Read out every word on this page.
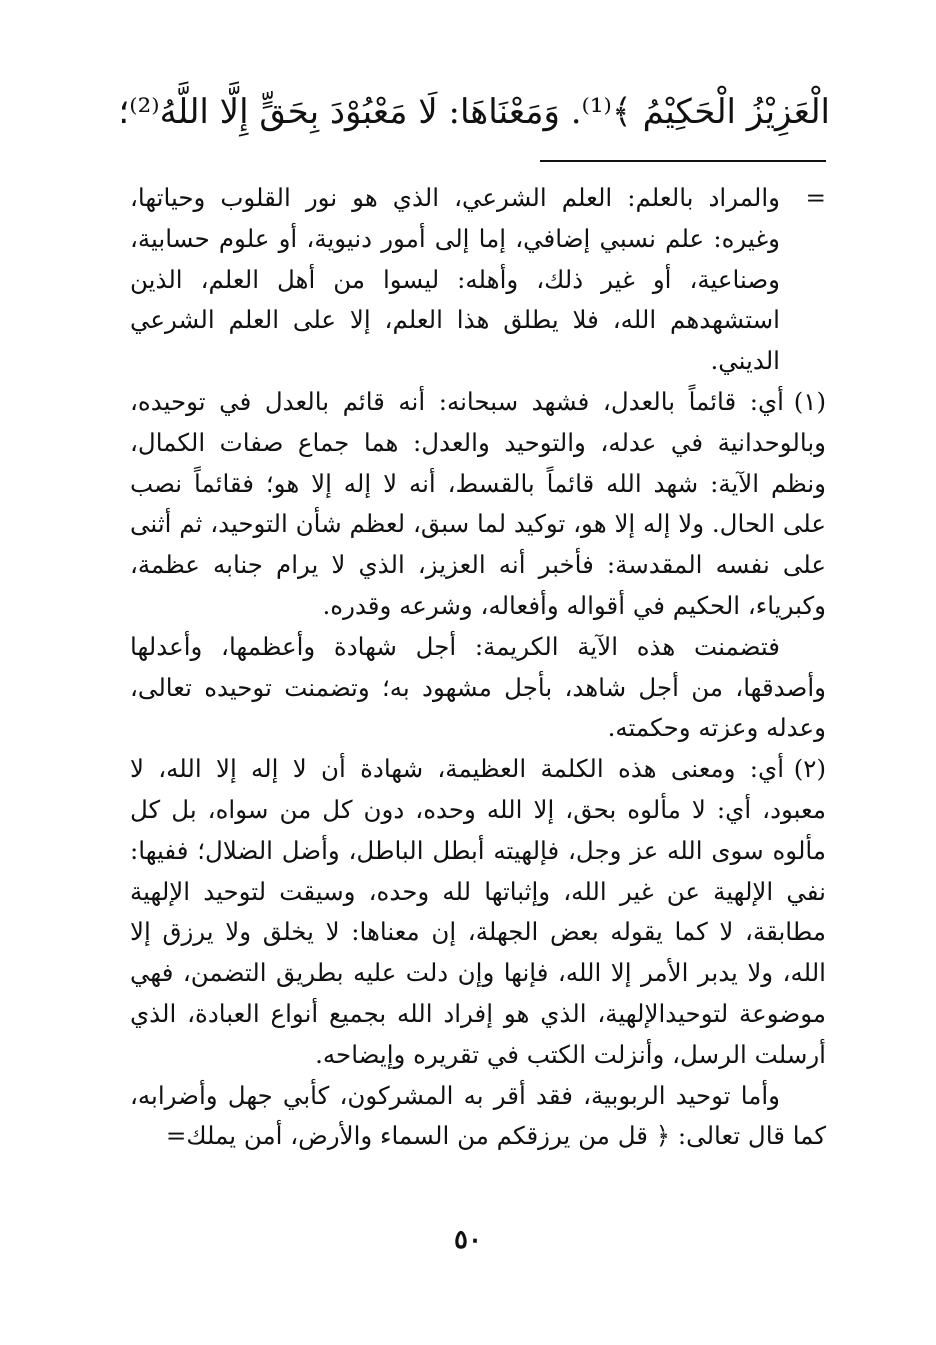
الْعَزِيْزُ الْحَكِيْمُ ﴾⁽¹⁾. وَمَعْنَاهَا: لَا مَعْبُوْدَ بِحَقٍّ إِلَّا اللَّهُ⁽²⁾؛

=
والمراد بالعلم: العلم الشرعي، الذي هو نور القلوب وحياتها، وغيره: علم نسبي إضافي، إما إلى أمور دنيوية، أو علوم حسابية، وصناعية، أو غير ذلك، وأهله: ليسوا من أهل العلم، الذين استشهدهم الله، فلا يطلق هذا العلم، إلا على العلم الشرعي الديني.

(١)أي: قائماً بالعدل، فشهد سبحانه: أنه قائم بالعدل في توحيده، وبالوحدانية في عدله، والتوحيد والعدل: هما جماع صفات الكمال، ونظم الآية: شهد الله قائماً بالقسط، أنه لا إله إلا هو؛ فقائماً نصب على الحال. ولا إله إلا هو، توكيد لما سبق، لعظم شأن التوحيد، ثم أثنى على نفسه المقدسة: فأخبر أنه العزيز، الذي لا يرام جنابه عظمة، وكبرياء، الحكيم في أقواله وأفعاله، وشرعه وقدره.

فتضمنت هذه الآية الكريمة: أجل شهادة وأعظمها، وأعدلها وأصدقها، من أجل شاهد، بأجل مشهود به؛ وتضمنت توحيده تعالى، وعدله وعزته وحكمته.

(٢)أي: ومعنى هذه الكلمة العظيمة، شهادة أن لا إله إلا الله، لا معبود، أي: لا مألوه بحق، إلا الله وحده، دون كل من سواه، بل كل مألوه سوى الله عز وجل، فإلهيته أبطل الباطل، وأضل الضلال؛ ففيها: نفي الإلهية عن غير الله، وإثباتها لله وحده، وسيقت لتوحيد الإلهية مطابقة، لا كما يقوله بعض الجهلة، إن معناها: لا يخلق ولا يرزق إلا الله، ولا يدبر الأمر إلا الله، فإنها وإن دلت عليه بطريق التضمن، فهي موضوعة لتوحيدالإلهية، الذي هو إفراد الله بجميع أنواع العبادة، الذي أرسلت الرسل، وأنزلت الكتب في تقريره وإيضاحه.

وأما توحيد الربوبية، فقد أقر به المشركون، كأبي جهل وأضرابه، كما قال تعالى: ﴿ قل من يرزقكم من السماء والأرض، أمن يملك=

٥٠
